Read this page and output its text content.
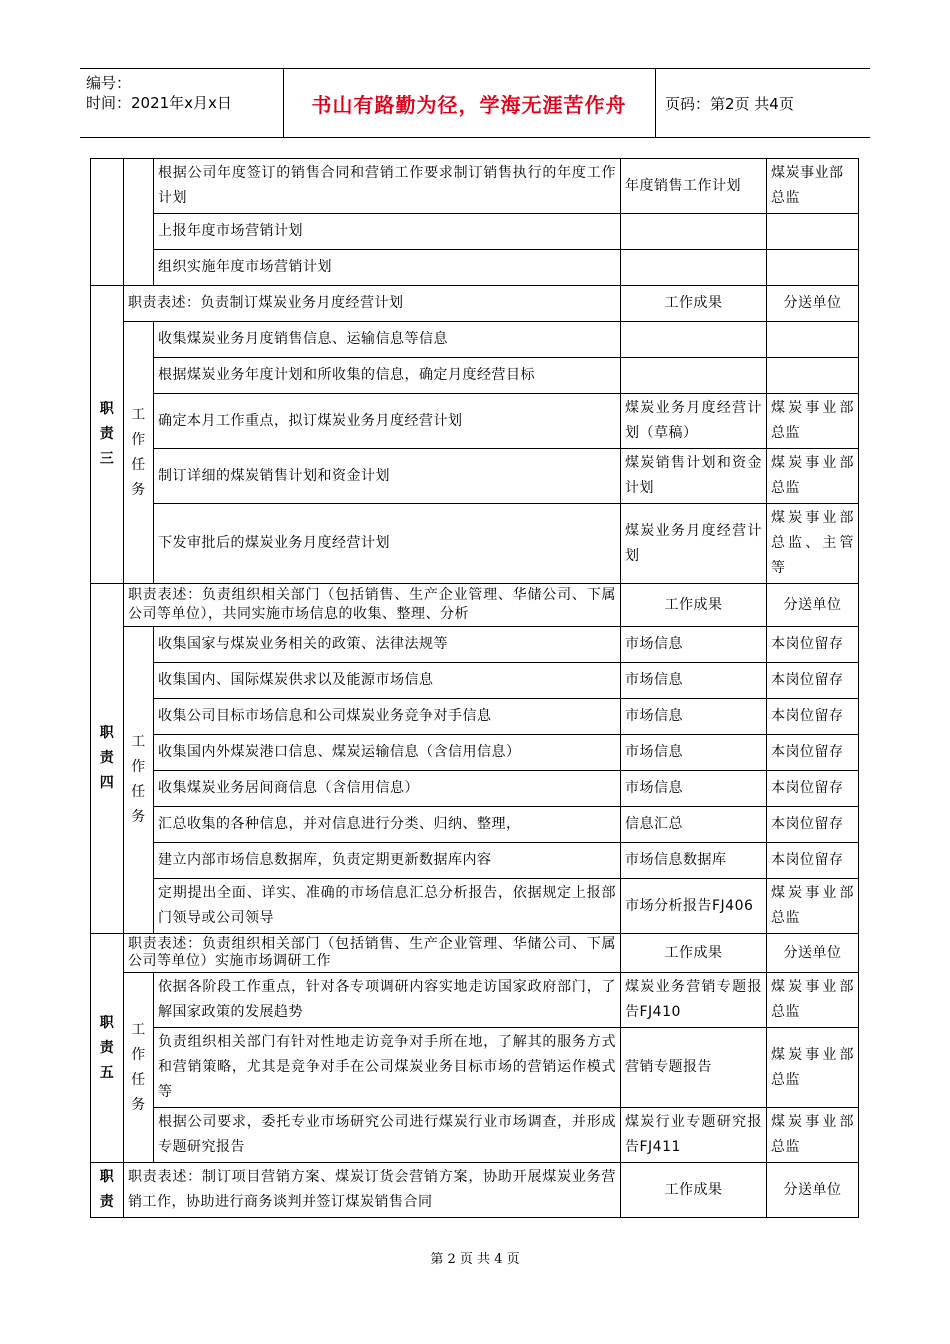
编号：
时间：2021年x月x日	书山有路勤为径，学海无涯苦作舟	页码：第2页 共4页
		根据公司年度签订的销售合同和营销工作要求制订销售执行的年度工作计划	年度销售工作计划	煤炭事业部总监
		上报年度市场营销计划		
		组织实施年度市场营销计划		
职责三	职责表述：负责制订煤炭业务月度经营计划		工作成果	分送单位
	工作任务	收集煤炭业务月度销售信息、运输信息等信息		
		根据煤炭业务年度计划和所收集的信息，确定月度经营目标		
		确定本月工作重点，拟订煤炭业务月度经营计划	煤炭业务月度经营计划（草稿）	煤炭事业部总监
		制订详细的煤炭销售计划和资金计划	煤炭销售计划和资金计划	煤炭事业部总监
		下发审批后的煤炭业务月度经营计划	煤炭业务月度经营计划	煤炭事业部总监、主管等
职责四	职责表述：负责组织相关部门（包括销售、生产企业管理、华储公司、下属公司等单位），共同实施市场信息的收集、整理、分析		工作成果	分送单位
	工作任务	收集国家与煤炭业务相关的政策、法律法规等	市场信息	本岗位留存
		收集国内、国际煤炭供求以及能源市场信息	市场信息	本岗位留存
		收集公司目标市场信息和公司煤炭业务竞争对手信息	市场信息	本岗位留存
		收集国内外煤炭港口信息、煤炭运输信息（含信用信息）	市场信息	本岗位留存
		收集煤炭业务居间商信息（含信用信息）	市场信息	本岗位留存
		汇总收集的各种信息，并对信息进行分类、归纳、整理，	信息汇总	本岗位留存
		建立内部市场信息数据库，负责定期更新数据库内容	市场信息数据库	本岗位留存
		定期提出全面、详实、准确的市场信息汇总分析报告，依据规定上报部门领导或公司领导	市场分析报告FJ406	煤炭事业部总监
职责五	职责表述：负责组织相关部门（包括销售、生产企业管理、华储公司、下属公司等单位）实施市场调研工作		工作成果	分送单位
	工作任务	依据各阶段工作重点，针对各专项调研内容实地走访国家政府部门，了解国家政策的发展趋势	煤炭业务营销专题报告FJ410	煤炭事业部总监
		负责组织相关部门有针对性地走访竞争对手所在地，了解其的服务方式和营销策略，尤其是竞争对手在公司煤炭业务目标市场的营销运作模式等	营销专题报告	煤炭事业部总监
		根据公司要求，委托专业市场研究公司进行煤炭行业市场调查，并形成专题研究报告	煤炭行业专题研究报告FJ411	煤炭事业部总监
职责	职责表述：制订项目营销方案、煤炭订货会营销方案，协助开展煤炭业务营销工作，协助进行商务谈判并签订煤炭销售合同		工作成果	分送单位
第 2 页 共 4 页
